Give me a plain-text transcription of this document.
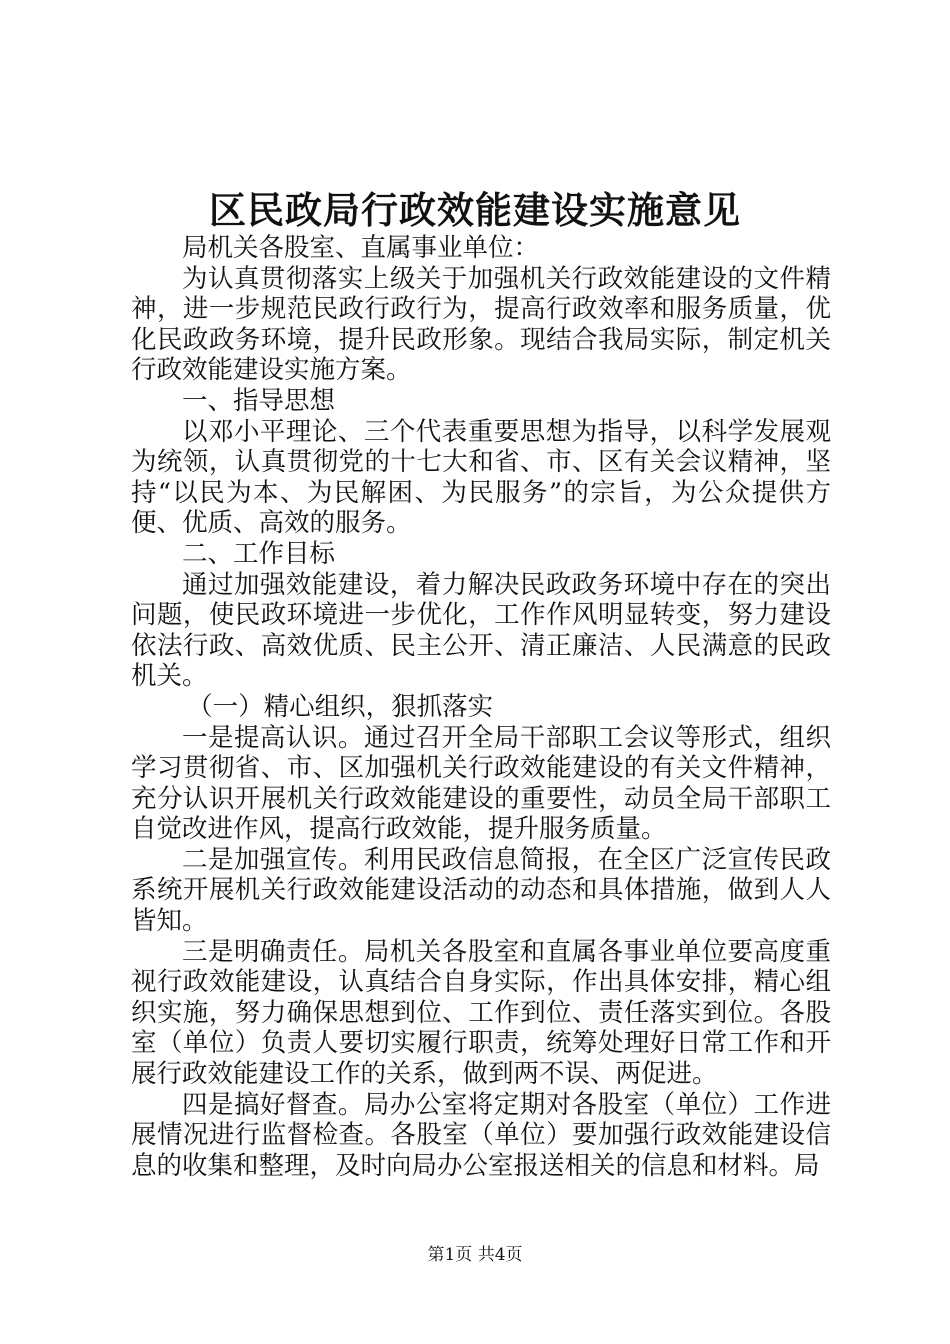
区民政局行政效能建设实施意见

局机关各股室、直属事业单位：

为认真贯彻落实上级关于加强机关行政效能建设的文件精神，进一步规范民政行政行为，提高行政效率和服务质量，优化民政政务环境，提升民政形象。现结合我局实际，制定机关行政效能建设实施方案。

一、指导思想

以邓小平理论、三个代表重要思想为指导，以科学发展观为统领，认真贯彻党的十七大和省、市、区有关会议精神，坚持“以民为本、为民解困、为民服务”的宗旨，为公众提供方便、优质、高效的服务。

二、工作目标

通过加强效能建设，着力解决民政政务环境中存在的突出问题，使民政环境进一步优化，工作作风明显转变，努力建设依法行政、高效优质、民主公开、清正廉洁、人民满意的民政机关。

（一）精心组织，狠抓落实

一是提高认识。通过召开全局干部职工会议等形式，组织学习贯彻省、市、区加强机关行政效能建设的有关文件精神，充分认识开展机关行政效能建设的重要性，动员全局干部职工自觉改进作风，提高行政效能，提升服务质量。

二是加强宣传。利用民政信息简报，在全区广泛宣传民政系统开展机关行政效能建设活动的动态和具体措施，做到人人皆知。

三是明确责任。局机关各股室和直属各事业单位要高度重视行政效能建设，认真结合自身实际，作出具体安排，精心组织实施，努力确保思想到位、工作到位、责任落实到位。各股室（单位）负责人要切实履行职责，统筹处理好日常工作和开展行政效能建设工作的关系，做到两不误、两促进。

四是搞好督查。局办公室将定期对各股室（单位）工作进展情况进行监督检查。各股室（单位）要加强行政效能建设信息的收集和整理，及时向局办公室报送相关的信息和材料。局

第1页 共4页
